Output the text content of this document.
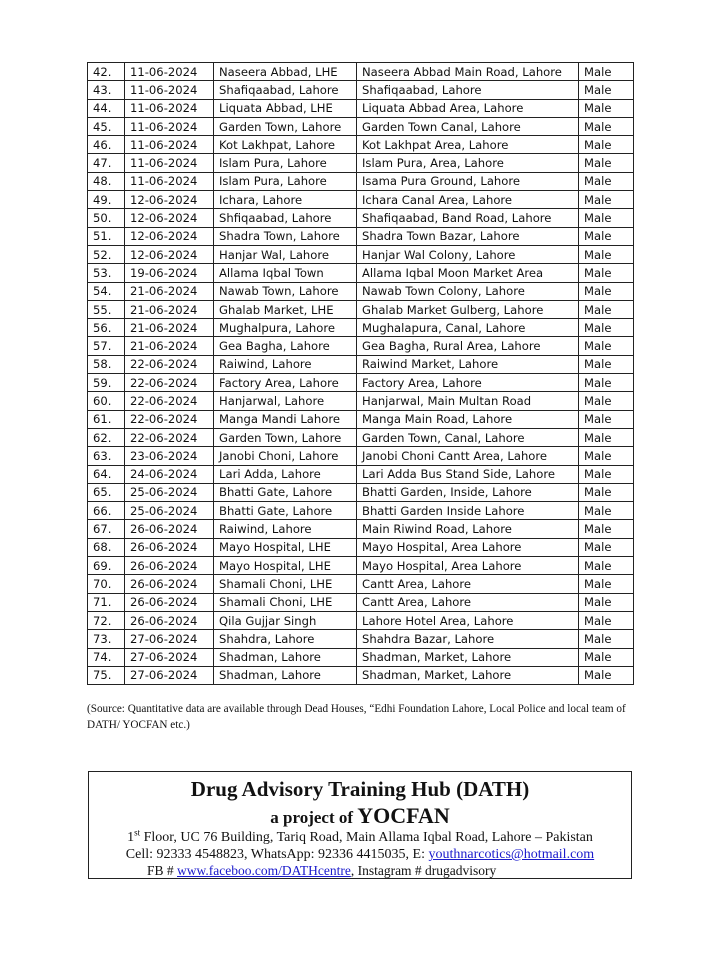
42.	11-06-2024	Naseera Abbad, LHE	Naseera Abbad Main Road, Lahore	Male
43.	11-06-2024	Shafiqaabad, Lahore	Shafiqaabad, Lahore	Male
44.	11-06-2024	Liquata Abbad, LHE	Liquata Abbad Area, Lahore	Male
45.	11-06-2024	Garden Town, Lahore	Garden Town Canal, Lahore	Male
46.	11-06-2024	Kot Lakhpat, Lahore	Kot Lakhpat Area, Lahore	Male
47.	11-06-2024	Islam Pura, Lahore	Islam Pura, Area, Lahore	Male
48.	11-06-2024	Islam Pura, Lahore	Isama Pura Ground, Lahore	Male
49.	12-06-2024	Ichara, Lahore	Ichara Canal Area, Lahore	Male
50.	12-06-2024	Shfiqaabad, Lahore	Shafiqaabad, Band Road, Lahore	Male
51.	12-06-2024	Shadra Town, Lahore	Shadra Town Bazar, Lahore	Male
52.	12-06-2024	Hanjar Wal, Lahore	Hanjar Wal Colony, Lahore	Male
53.	19-06-2024	Allama Iqbal Town	Allama Iqbal Moon Market Area	Male
54.	21-06-2024	Nawab Town, Lahore	Nawab Town Colony, Lahore	Male
55.	21-06-2024	Ghalab Market, LHE	Ghalab Market Gulberg, Lahore	Male
56.	21-06-2024	Mughalpura, Lahore	Mughalapura, Canal, Lahore	Male
57.	21-06-2024	Gea Bagha, Lahore	Gea Bagha, Rural Area, Lahore	Male
58.	22-06-2024	Raiwind, Lahore	Raiwind Market, Lahore	Male
59.	22-06-2024	Factory Area, Lahore	Factory Area, Lahore	Male
60.	22-06-2024	Hanjarwal, Lahore	Hanjarwal, Main Multan Road	Male
61.	22-06-2024	Manga Mandi Lahore	Manga Main Road, Lahore	Male
62.	22-06-2024	Garden Town, Lahore	Garden Town, Canal, Lahore	Male
63.	23-06-2024	Janobi Choni, Lahore	Janobi Choni Cantt Area, Lahore	Male
64.	24-06-2024	Lari Adda, Lahore	Lari Adda Bus Stand Side, Lahore	Male
65.	25-06-2024	Bhatti Gate, Lahore	Bhatti Garden, Inside, Lahore	Male
66.	25-06-2024	Bhatti Gate, Lahore	Bhatti Garden Inside Lahore	Male
67.	26-06-2024	Raiwind, Lahore	Main Riwind Road, Lahore	Male
68.	26-06-2024	Mayo Hospital, LHE	Mayo Hospital, Area Lahore	Male
69.	26-06-2024	Mayo Hospital, LHE	Mayo Hospital, Area Lahore	Male
70.	26-06-2024	Shamali Choni, LHE	Cantt Area, Lahore	Male
71.	26-06-2024	Shamali Choni, LHE	Cantt Area, Lahore	Male
72.	26-06-2024	Qila Gujjar Singh	Lahore Hotel Area, Lahore	Male
73.	27-06-2024	Shahdra, Lahore	Shahdra Bazar, Lahore	Male
74.	27-06-2024	Shadman, Lahore	Shadman, Market, Lahore	Male
75.	27-06-2024	Shadman, Lahore	Shadman, Market, Lahore	Male
(Source: Quantitative data are available through Dead Houses, “Edhi Foundation Lahore, Local Police and local team of DATH/ YOCFAN etc.)
Drug Advisory Training Hub (DATH)
a project of YOCFAN
1st Floor, UC 76 Building, Tariq Road, Main Allama Iqbal Road, Lahore – Pakistan
Cell: 92333 4548823, WhatsApp: 92336 4415035, E: youthnarcotics@hotmail.com
FB # www.faceboo.com/DATHcentre, Instagram # drugadvisory
